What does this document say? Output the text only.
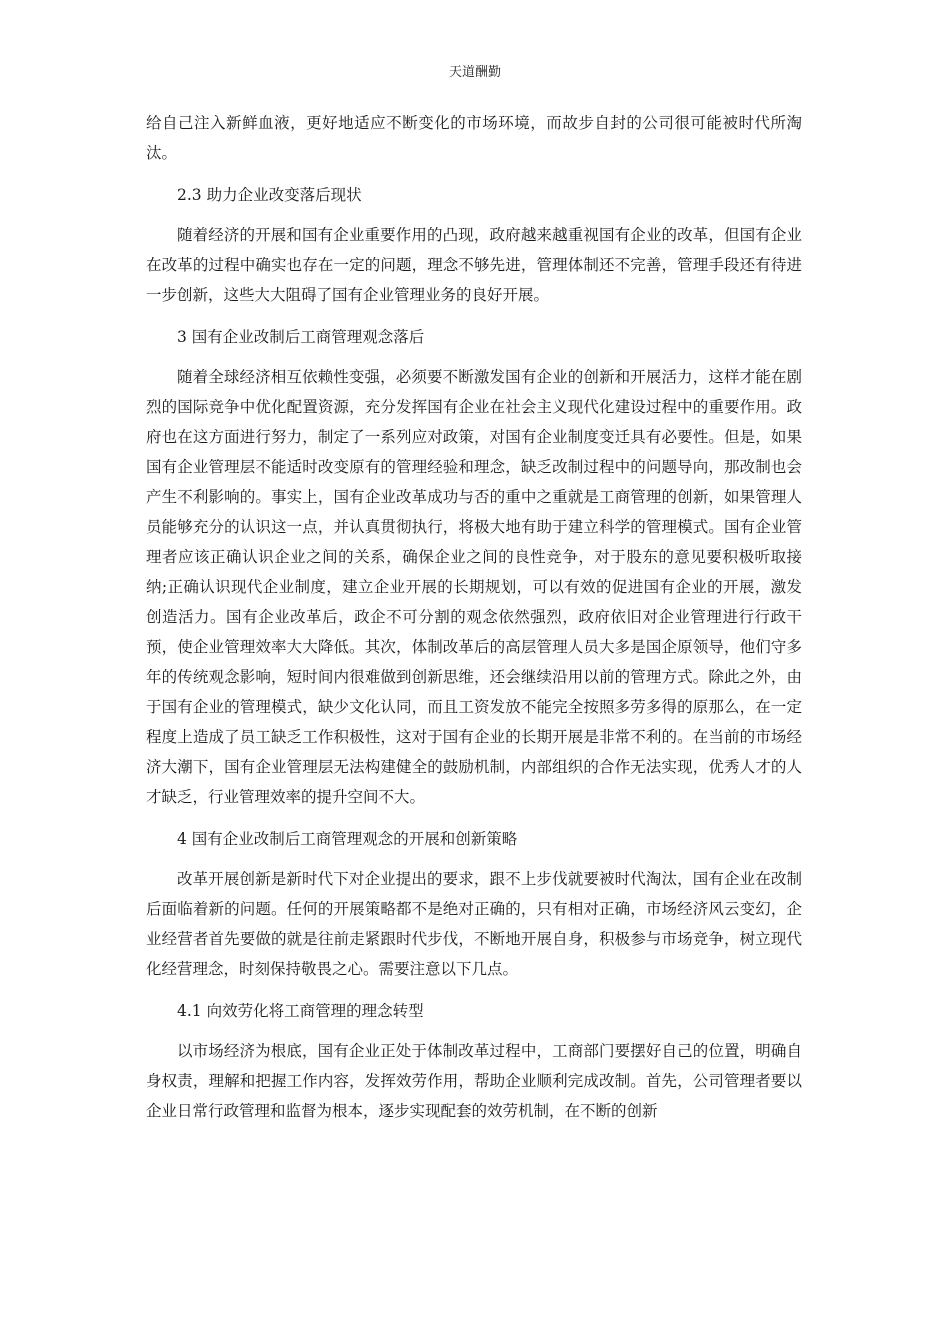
天道酬勤

给自己注入新鲜血液，更好地适应不断变化的市场环境，而故步自封的公司很可能被时代所淘汰。

2.3 助力企业改变落后现状

随着经济的开展和国有企业重要作用的凸现，政府越来越重视国有企业的改革，但国有企业在改革的过程中确实也存在一定的问题，理念不够先进，管理体制还不完善，管理手段还有待进一步创新，这些大大阻碍了国有企业管理业务的良好开展。

3 国有企业改制后工商管理观念落后

随着全球经济相互依赖性变强，必须要不断激发国有企业的创新和开展活力，这样才能在剧烈的国际竞争中优化配置资源，充分发挥国有企业在社会主义现代化建设过程中的重要作用。政府也在这方面进行努力，制定了一系列应对政策，对国有企业制度变迁具有必要性。但是，如果国有企业管理层不能适时改变原有的管理经验和理念，缺乏改制过程中的问题导向，那改制也会产生不利影响的。事实上，国有企业改革成功与否的重中之重就是工商管理的创新，如果管理人员能够充分的认识这一点，并认真贯彻执行，将极大地有助于建立科学的管理模式。国有企业管理者应该正确认识企业之间的关系，确保企业之间的良性竞争，对于股东的意见要积极听取接纳;正确认识现代企业制度，建立企业开展的长期规划，可以有效的促进国有企业的开展，激发创造活力。国有企业改革后，政企不可分割的观念依然强烈，政府依旧对企业管理进行行政干预，使企业管理效率大大降低。其次，体制改革后的高层管理人员大多是国企原领导，他们守多年的传统观念影响，短时间内很难做到创新思维，还会继续沿用以前的管理方式。除此之外，由于国有企业的管理模式，缺少文化认同，而且工资发放不能完全按照多劳多得的原那么，在一定程度上造成了员工缺乏工作积极性，这对于国有企业的长期开展是非常不利的。在当前的市场经济大潮下，国有企业管理层无法构建健全的鼓励机制，内部组织的合作无法实现，优秀人才的人才缺乏，行业管理效率的提升空间不大。

4 国有企业改制后工商管理观念的开展和创新策略

改革开展创新是新时代下对企业提出的要求，跟不上步伐就要被时代淘汰，国有企业在改制后面临着新的问题。任何的开展策略都不是绝对正确的，只有相对正确，市场经济风云变幻，企业经营者首先要做的就是往前走紧跟时代步伐，不断地开展自身，积极参与市场竞争，树立现代化经营理念，时刻保持敬畏之心。需要注意以下几点。

4.1 向效劳化将工商管理的理念转型

以市场经济为根底，国有企业正处于体制改革过程中，工商部门要摆好自己的位置，明确自身权责，理解和把握工作内容，发挥效劳作用，帮助企业顺利完成改制。首先，公司管理者要以企业日常行政管理和监督为根本，逐步实现配套的效劳机制，在不断的创新
